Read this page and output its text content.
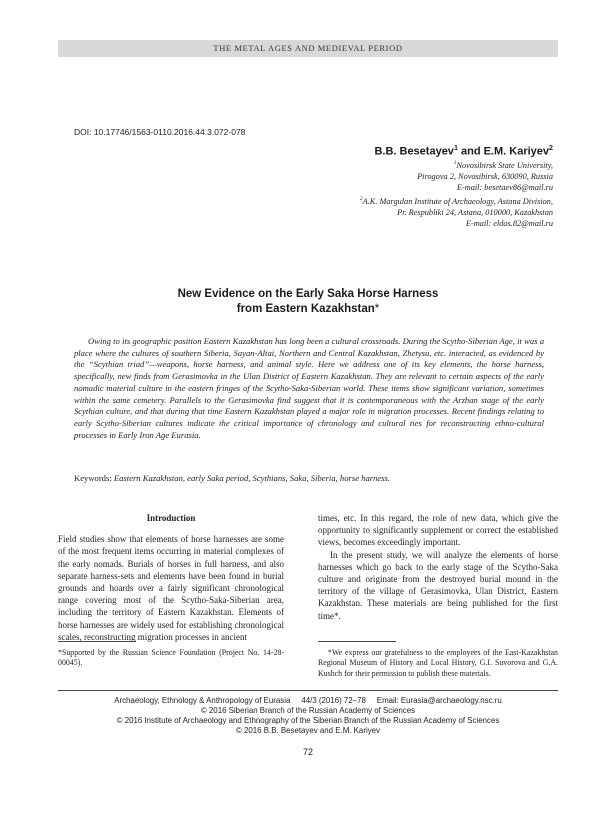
THE METAL AGES AND MEDIEVAL PERIOD
DOI: 10.17746/1563-0110.2016.44.3.072-078
B.B. Besetayev$^1$ and E.M. Kariyev$^2$
$^1$Novosibirsk State University,
Pirogova 2, Novosibirsk, 630090, Russia
E-mail: besetaev86@mail.ru
$^2$A.K. Margulan Institute of Archaeology, Astana Division,
Pr. Respubliki 24, Astana, 010000, Kazakhstan
E-mail: eldos.82@mail.ru
New Evidence on the Early Saka Horse Harness
from Eastern Kazakhstan*
Owing to its geographic position Eastern Kazakhstan has long been a cultural crossroads. During the Scytho-Siberian Age, it was a place where the cultures of southern Siberia, Sayan-Altai, Northern and Central Kazakhstan, Zhetysu, etc. interacted, as evidenced by the “Scythian triad”—weapons, horse harness, and animal style. Here we address one of its key elements, the horse harness, specifically, new finds from Gerasimovka in the Ulan District of Eastern Kazakhstan. They are relevant to certain aspects of the early nomadic material culture in the eastern fringes of the Scytho-Saka-Siberian world. These items show significant variation, sometimes within the same cemetery. Parallels to the Gerasimovka find suggest that it is contemporaneous with the Arzhan stage of the early Scythian culture, and that during that time Eastern Kazakhstan played a major role in migration processes. Recent findings relating to early Scytho-Siberian cultures indicate the critical importance of chronology and cultural ties for reconstructing ethno-cultural processes in Early Iron Age Eurasia.
Keywords: Eastern Kazakhstan, early Saka period, Scythians, Saka, Siberia, horse harness.
Introduction

Field studies show that elements of horse harnesses are some of the most frequent items occurring in material complexes of the early nomads. Burials of horses in full harness, and also separate harness-sets and elements have been found in burial grounds and hoards over a fairly significant chronological range covering most of the Scytho-Saka-Siberian area, including the territory of Eastern Kazakhstan. Elements of horse harnesses are widely used for establishing chronological scales, reconstructing migration processes in ancient

times, etc. In this regard, the role of new data, which give the opportunity to significantly supplement or correct the established views, becomes exceedingly important.

In the present study, we will analyze the elements of horse harnesses which go back to the early stage of the Scytho-Saka culture and originate from the destroyed burial mound in the territory of the village of Gerasimovka, Ulan District, Eastern Kazakhstan. These materials are being published for the first time*.

*Supported by the Russian Science Foundation (Project No. 14-28-00045).
*We express our gratefulness to the employees of the East-Kazakhstan Regional Museum of History and Local History, G.I. Suvorova and G.A. Kushch for their permission to publish these materials.
Archaeology, Ethnology & Anthropology of Eurasia     44/3 (2016) 72–78     Email: Eurasia@archaeology.nsc.ru
© 2016 Siberian Branch of the Russian Academy of Sciences
© 2016 Institute of Archaeology and Ethnography of the Siberian Branch of the Russian Academy of Sciences
© 2016 B.B. Besetayev and E.M. Kariyev
72
